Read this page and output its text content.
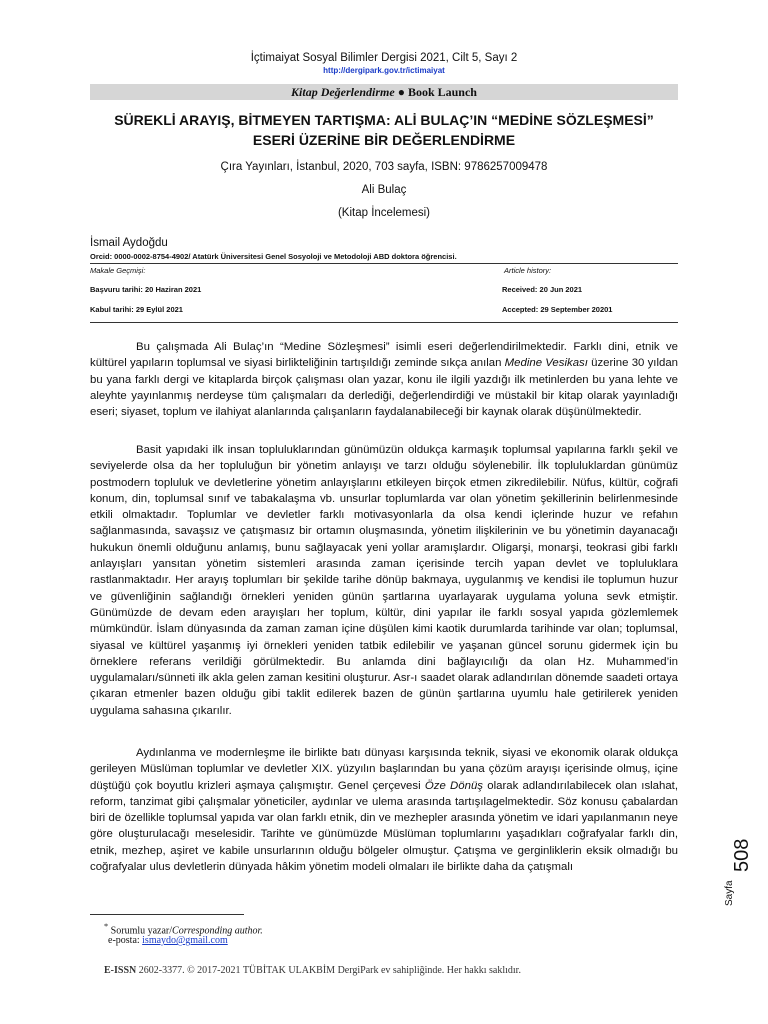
İçtimaiyat Sosyal Bilimler Dergisi 2021, Cilt 5, Sayı 2
http://dergipark.gov.tr/ictimaiyat
Kitap Değerlendirme ● Book Launch
SÜREKLİ ARAYIŞ, BİTMEYEN TARTIŞMA: ALİ BULAÇ’IN “MEDİNE SÖZLEŞMESİ”
ESERİ ÜZERİNE BİR DEĞERLENDİRME
Çıra Yayınları, İstanbul, 2020, 703 sayfa, ISBN: 9786257009478
Ali Bulaç
(Kitap İncelemesi)
İsmail Aydoğdu
Orcid: 0000-0002-8754-4902/ Atatürk Üniversitesi Genel Sosyoloji ve Metodoloji ABD doktora öğrencisi.
Makale Geçmişi:	Article history:
Başvuru tarihi: 20 Haziran 2021	Received: 20 Jun 2021
Kabul tarihi: 29 Eylül 2021	Accepted: 29 September 20201
Bu çalışmada Ali Bulaç’ın “Medine Sözleşmesi” isimli eseri değerlendirilmektedir. Farklı dini, etnik ve kültürel yapıların toplumsal ve siyasi birlikteliğinin tartışıldığı zeminde sıkça anılan Medine Vesikası üzerine 30 yıldan bu yana farklı dergi ve kitaplarda birçok çalışması olan yazar, konu ile ilgili yazdığı ilk metinlerden bu yana lehte ve aleyhte yayınlanmış nerdeyse tüm çalışmaları da derlediği, değerlendirdiği ve müstakil bir kitap olarak yayınladığı eseri; siyaset, toplum ve ilahiyat alanlarında çalışanların faydalanabileceği bir kaynak olarak düşünülmektedir.
Basit yapıdaki ilk insan topluluklarından günümüzün oldukça karmaşık toplumsal yapılarına farklı şekil ve seviyelerde olsa da her topluluğun bir yönetim anlayışı ve tarzı olduğu söylenebilir. İlk topluluklardan günümüz postmodern topluluk ve devletlerine yönetim anlayışlarını etkileyen birçok etmen zikredilebilir. Nüfus, kültür, coğrafi konum, din, toplumsal sınıf ve tabakalaşma vb. unsurlar toplumlarda var olan yönetim şekillerinin belirlenmesinde etkili olmaktadır. Toplumlar ve devletler farklı motivasyonlarla da olsa kendi içlerinde huzur ve refahın sağlanmasında, savaşsız ve çatışmasız bir ortamın oluşmasında, yönetim ilişkilerinin ve bu yönetimin dayanacağı hukukun önemli olduğunu anlamış, bunu sağlayacak yeni yollar aramışlardır. Oligarşi, monarşi, teokrasi gibi farklı anlayışları yansıtan yönetim sistemleri arasında zaman içerisinde tercih yapan devlet ve topluluklara rastlanmaktadır. Her arayış toplumları bir şekilde tarihe dönüp bakmaya, uygulanmış ve kendisi ile toplumun huzur ve güvenliğinin sağlandığı örnekleri yeniden günün şartlarına uyarlayarak uygulama yoluna sevk etmiştir. Günümüzde de devam eden arayışları her toplum, kültür, dini yapılar ile farklı sosyal yapıda gözlemlemek mümkündür. İslam dünyasında da zaman zaman içine düşülen kimi kaotik durumlarda tarihinde var olan; toplumsal, siyasal ve kültürel yaşanmış iyi örnekleri yeniden tatbik edilebilir ve yaşanan güncel sorunu gidermek için bu örneklere referans verildiği görülmektedir. Bu anlamda dini bağlayıcılığı da olan Hz. Muhammed’in uygulamaları/sünneti ilk akla gelen zaman kesitini oluşturur. Asr-ı saadet olarak adlandırılan dönemde saadeti ortaya çıkaran etmenler bazen olduğu gibi taklit edilerek bazen de günün şartlarına uyumlu hale getirilerek yeniden uygulama sahasına çıkarılır.
Aydınlanma ve modernleşme ile birlikte batı dünyası karşısında teknik, siyasi ve ekonomik olarak oldukça gerileyen Müslüman toplumlar ve devletler XIX. yüzyılın başlarından bu yana çözüm arayışı içerisinde olmuş, içine düştüğü çok boyutlu krizleri aşmaya çalışmıştır. Genel çerçevesi Öze Dönüş olarak adlandırılabilecek olan ıslahat, reform, tanzimat gibi çalışmalar yöneticiler, aydınlar ve ulema arasında tartışılagelmektedir. Söz konusu çabalardan biri de özellikle toplumsal yapıda var olan farklı etnik, din ve mezhepler arasında yönetim ve idari yapılanmanın neye göre oluşturulacağı meselesidir. Tarihte ve günümüzde Müslüman toplumlarını yaşadıkları coğrafyalar farklı din, etnik, mezhep, aşiret ve kabile unsurlarının olduğu bölgeler olmuştur. Çatışma ve gerginliklerin eksik olmadığı bu coğrafyalar ulus devletlerin dünyada hâkim yönetim modeli olmaları ile birlikte daha da çatışmalı
* Sorumlu yazar/Corresponding author.
e-posta: ismaydo@gmail.com
E-ISSN 2602-3377. © 2017-2021 TÜBİTAK ULAKBİM DergiPark ev sahipliğinde. Her hakkı saklıdır.
Sayfa
508
